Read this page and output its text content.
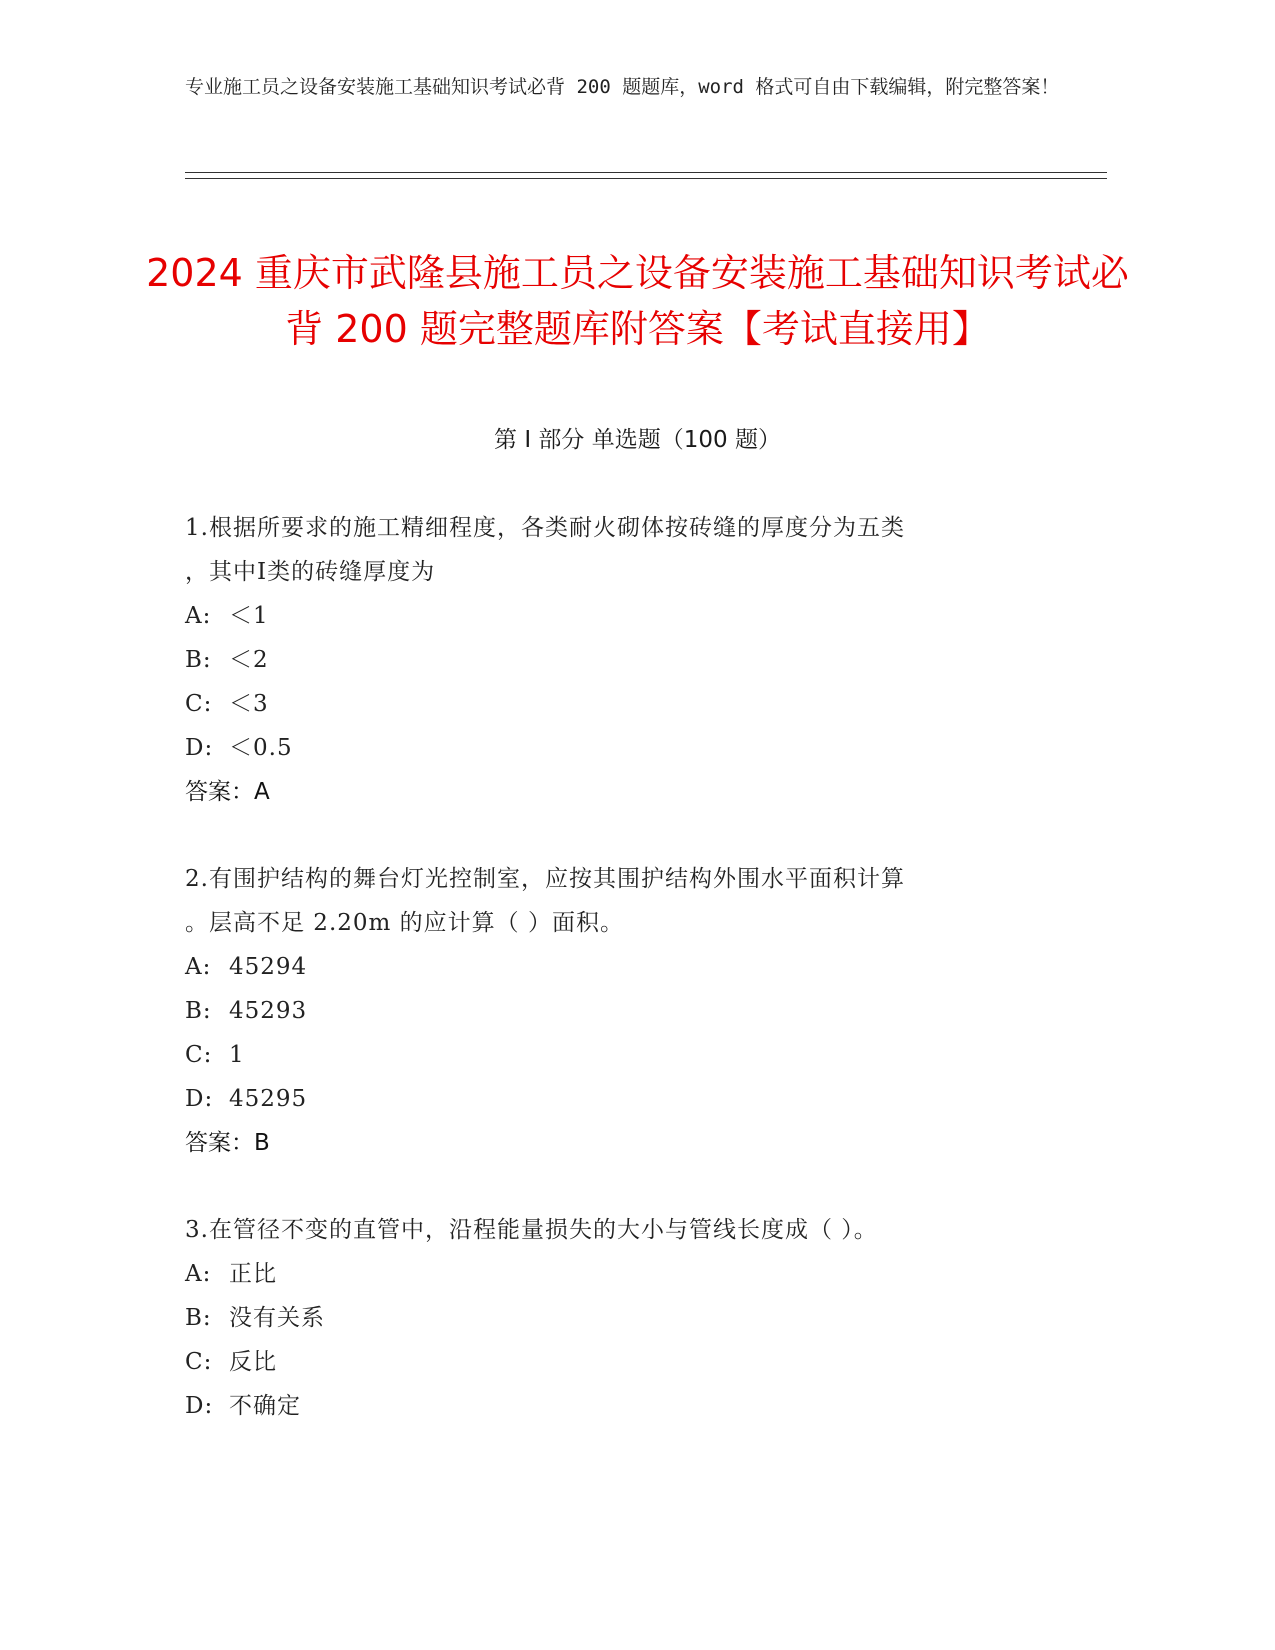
专业施工员之设备安装施工基础知识考试必背 200 题题库，word 格式可自由下载编辑，附完整答案！
2024 重庆市武隆县施工员之设备安装施工基础知识考试必背 200 题完整题库附答案【考试直接用】
第 I 部分 单选题（100 题）
1.根据所要求的施工精细程度，各类耐火砌体按砖缝的厚度分为五类
，其中Ⅰ类的砖缝厚度为
A: ＜1
B: ＜2
C: ＜3
D: ＜0.5
答案：A
2.有围护结构的舞台灯光控制室，应按其围护结构外围水平面积计算
。层高不足 2.20m 的应计算（ ）面积。
A: 45294
B: 45293
C: 1
D: 45295
答案：B
3.在管径不变的直管中，沿程能量损失的大小与管线长度成（ ）。
A: 正比
B: 没有关系
C: 反比
D: 不确定
